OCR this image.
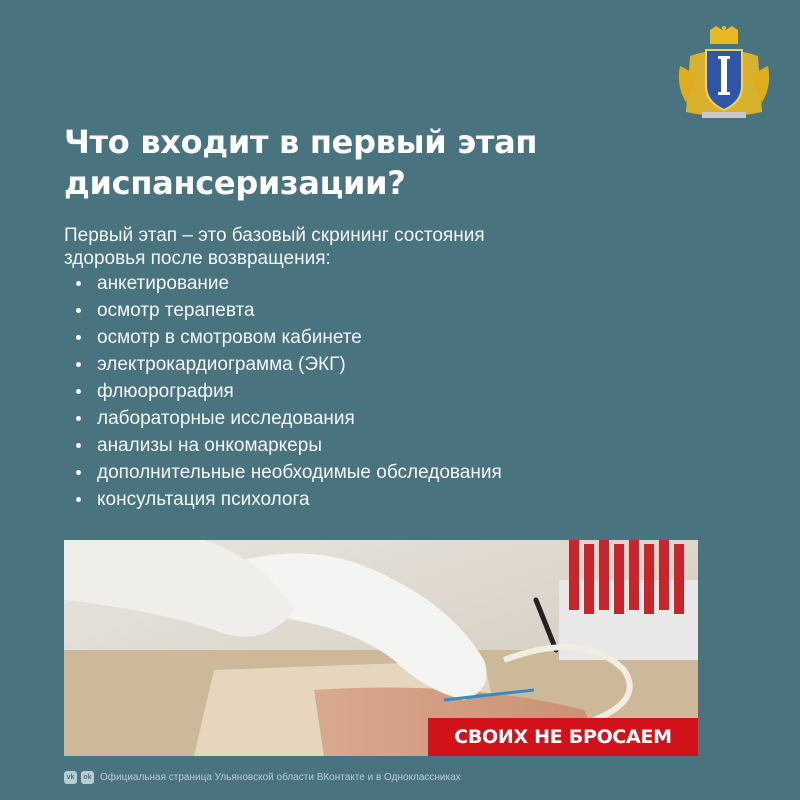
Что входит в первый этап
диспансеризации?
Первый этап – это базовый скрининг состояния
здоровья после возвращения:
анкетирование
осмотр терапевта
осмотр в смотровом кабинете
электрокардиограмма (ЭКГ)
флюорография
лабораторные исследования
анализы на онкомаркеры
дополнительные необходимые обследования
консультация психолога
СВОИХ НЕ БРОСАЕМ
vk	ok Официальная страница Ульяновской области ВКонтакте и в Одноклассниках
